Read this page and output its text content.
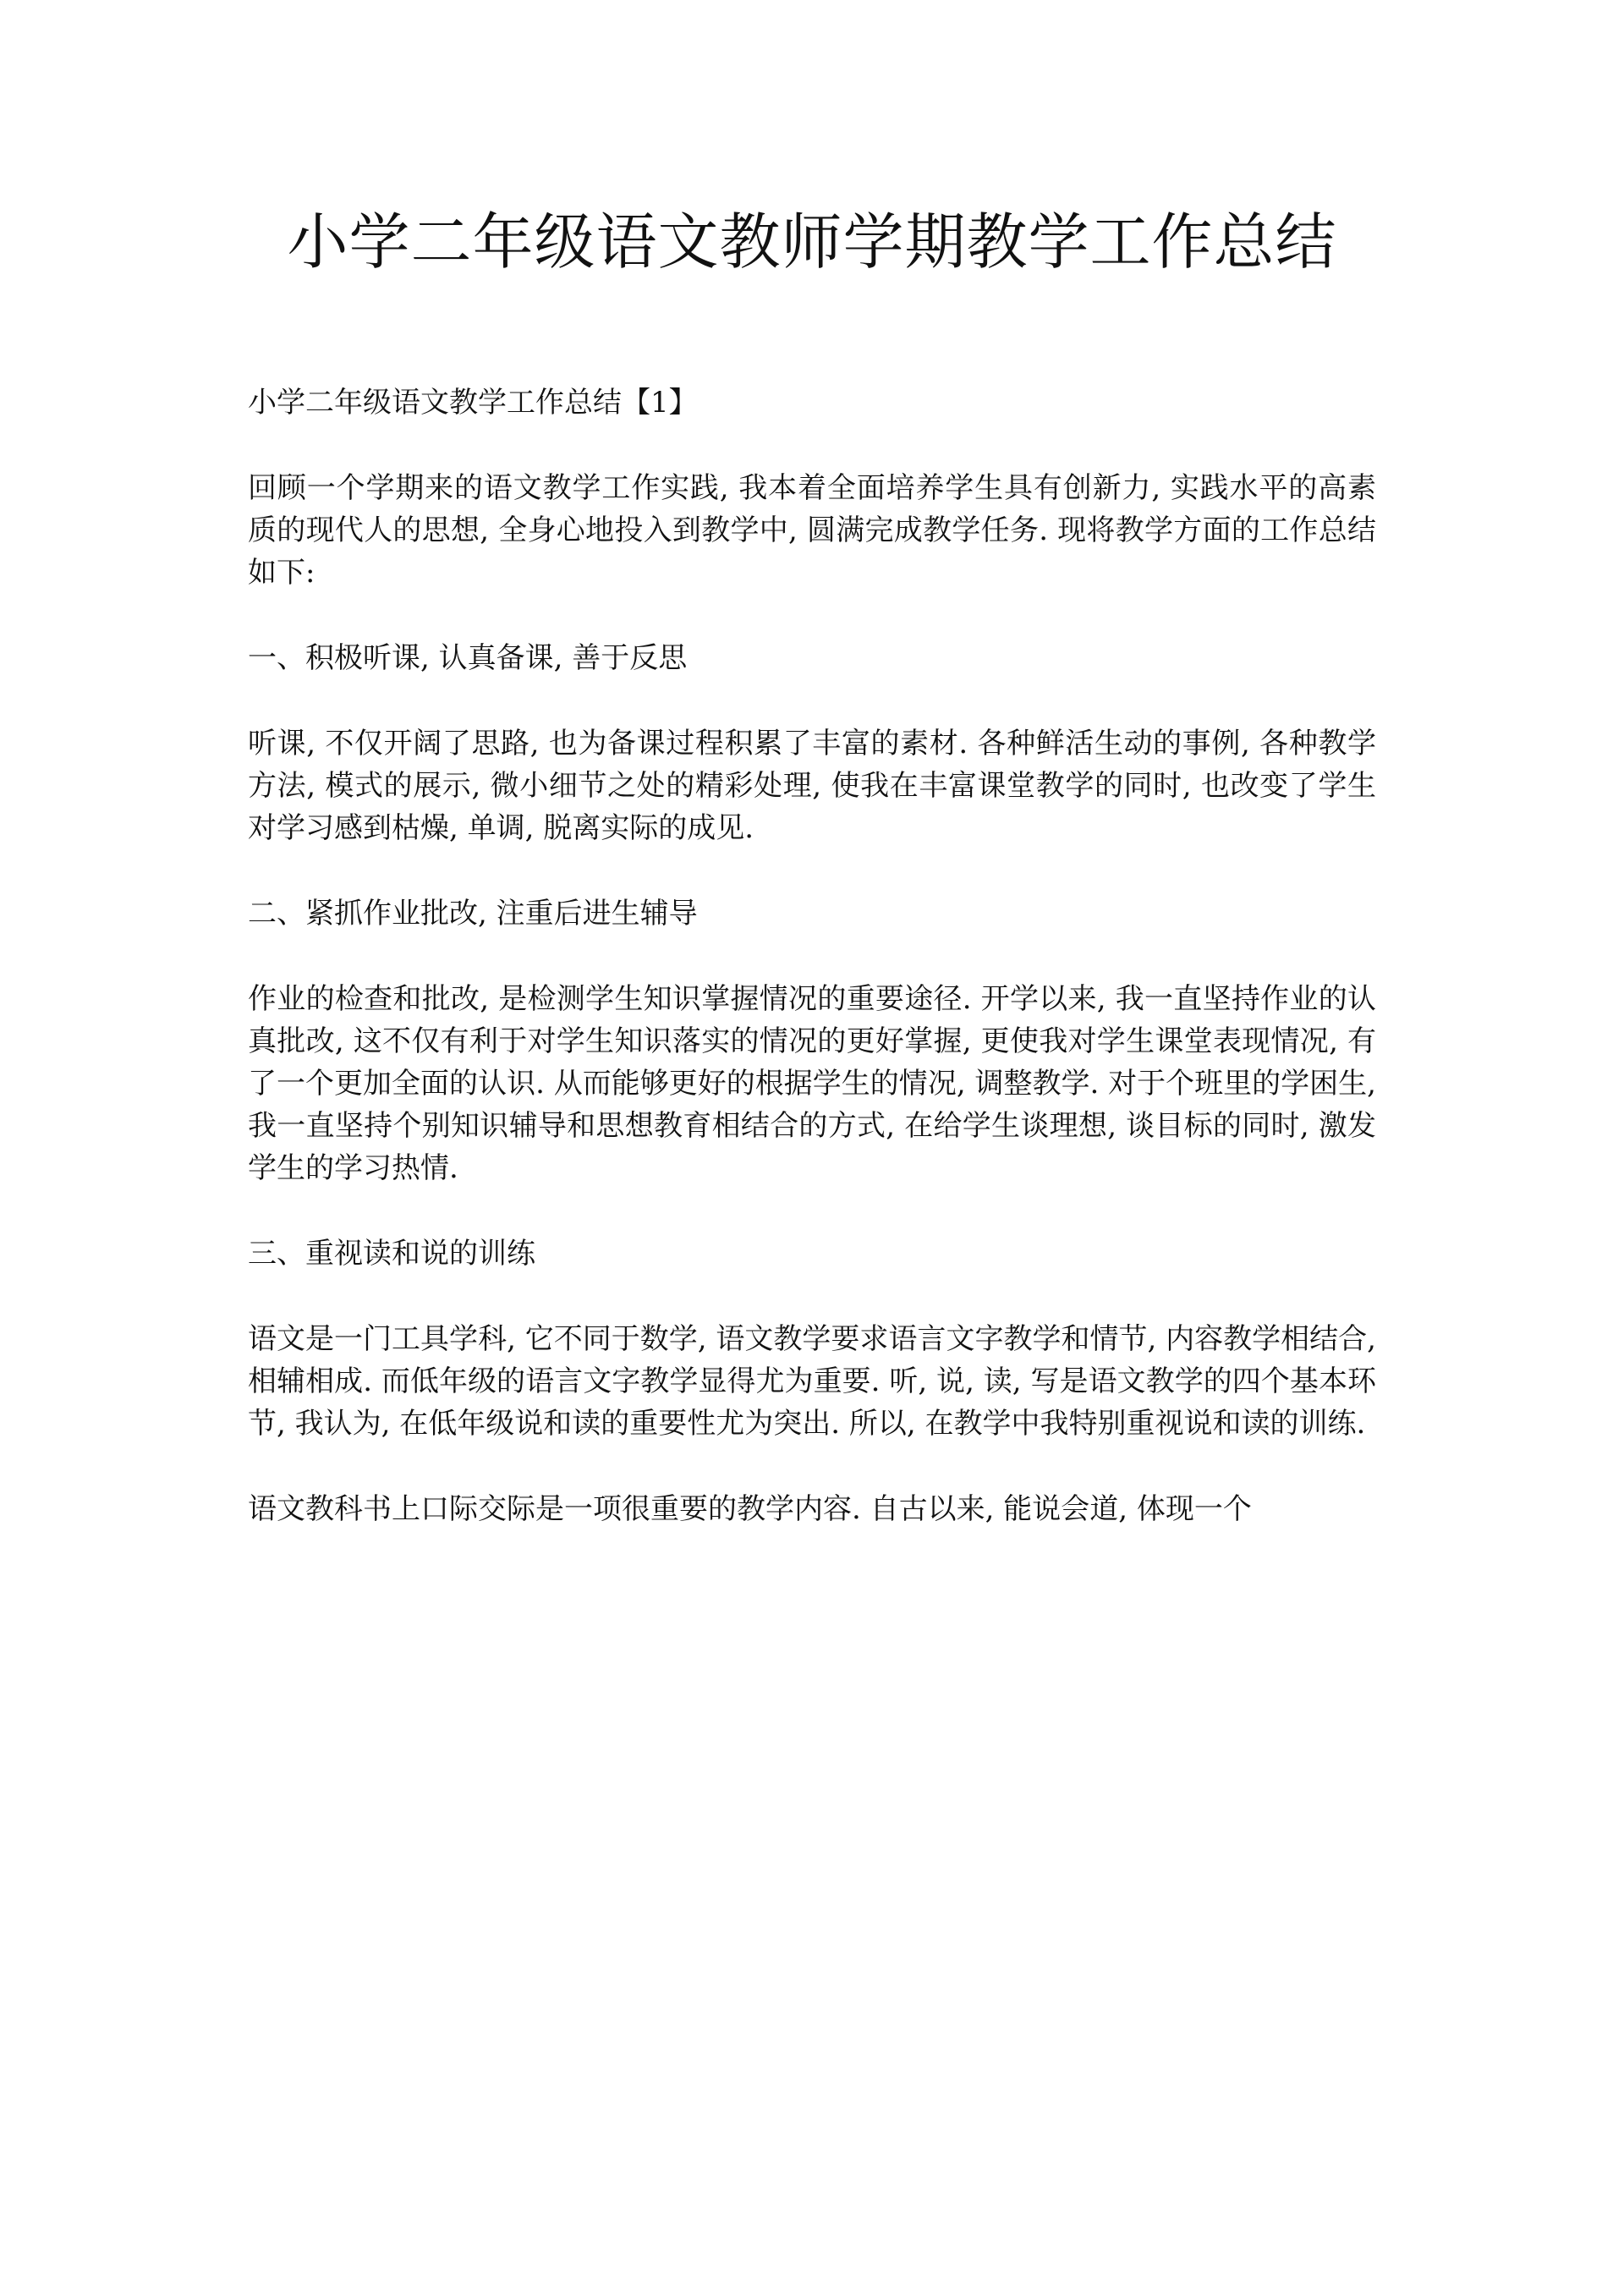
小学二年级语文教师学期教学工作总结
小学二年级语文教学工作总结【1】
回顾一个学期来的语文教学工作实践, 我本着全面培养学生具有创新力, 实践水平的高素质的现代人的思想, 全身心地投入到教学中, 圆满完成教学任务. 现将教学方面的工作总结如下:
一、积极听课, 认真备课, 善于反思
听课, 不仅开阔了思路, 也为备课过程积累了丰富的素材. 各种鲜活生动的事例, 各种教学方法, 模式的展示, 微小细节之处的精彩处理, 使我在丰富课堂教学的同时, 也改变了学生对学习感到枯燥, 单调, 脱离实际的成见.
二、紧抓作业批改, 注重后进生辅导
作业的检查和批改, 是检测学生知识掌握情况的重要途径. 开学以来, 我一直坚持作业的认真批改, 这不仅有利于对学生知识落实的情况的更好掌握, 更使我对学生课堂表现情况, 有了一个更加全面的认识. 从而能够更好的根据学生的情况, 调整教学. 对于个班里的学困生, 我一直坚持个别知识辅导和思想教育相结合的方式, 在给学生谈理想, 谈目标的同时, 激发学生的学习热情.
三、重视读和说的训练
语文是一门工具学科, 它不同于数学, 语文教学要求语言文字教学和情节, 内容教学相结合, 相辅相成. 而低年级的语言文字教学显得尤为重要. 听, 说, 读, 写是语文教学的四个基本环节, 我认为, 在低年级说和读的重要性尤为突出. 所以, 在教学中我特别重视说和读的训练.
语文教科书上口际交际是一项很重要的教学内容. 自古以来, 能说会道, 体现一个
